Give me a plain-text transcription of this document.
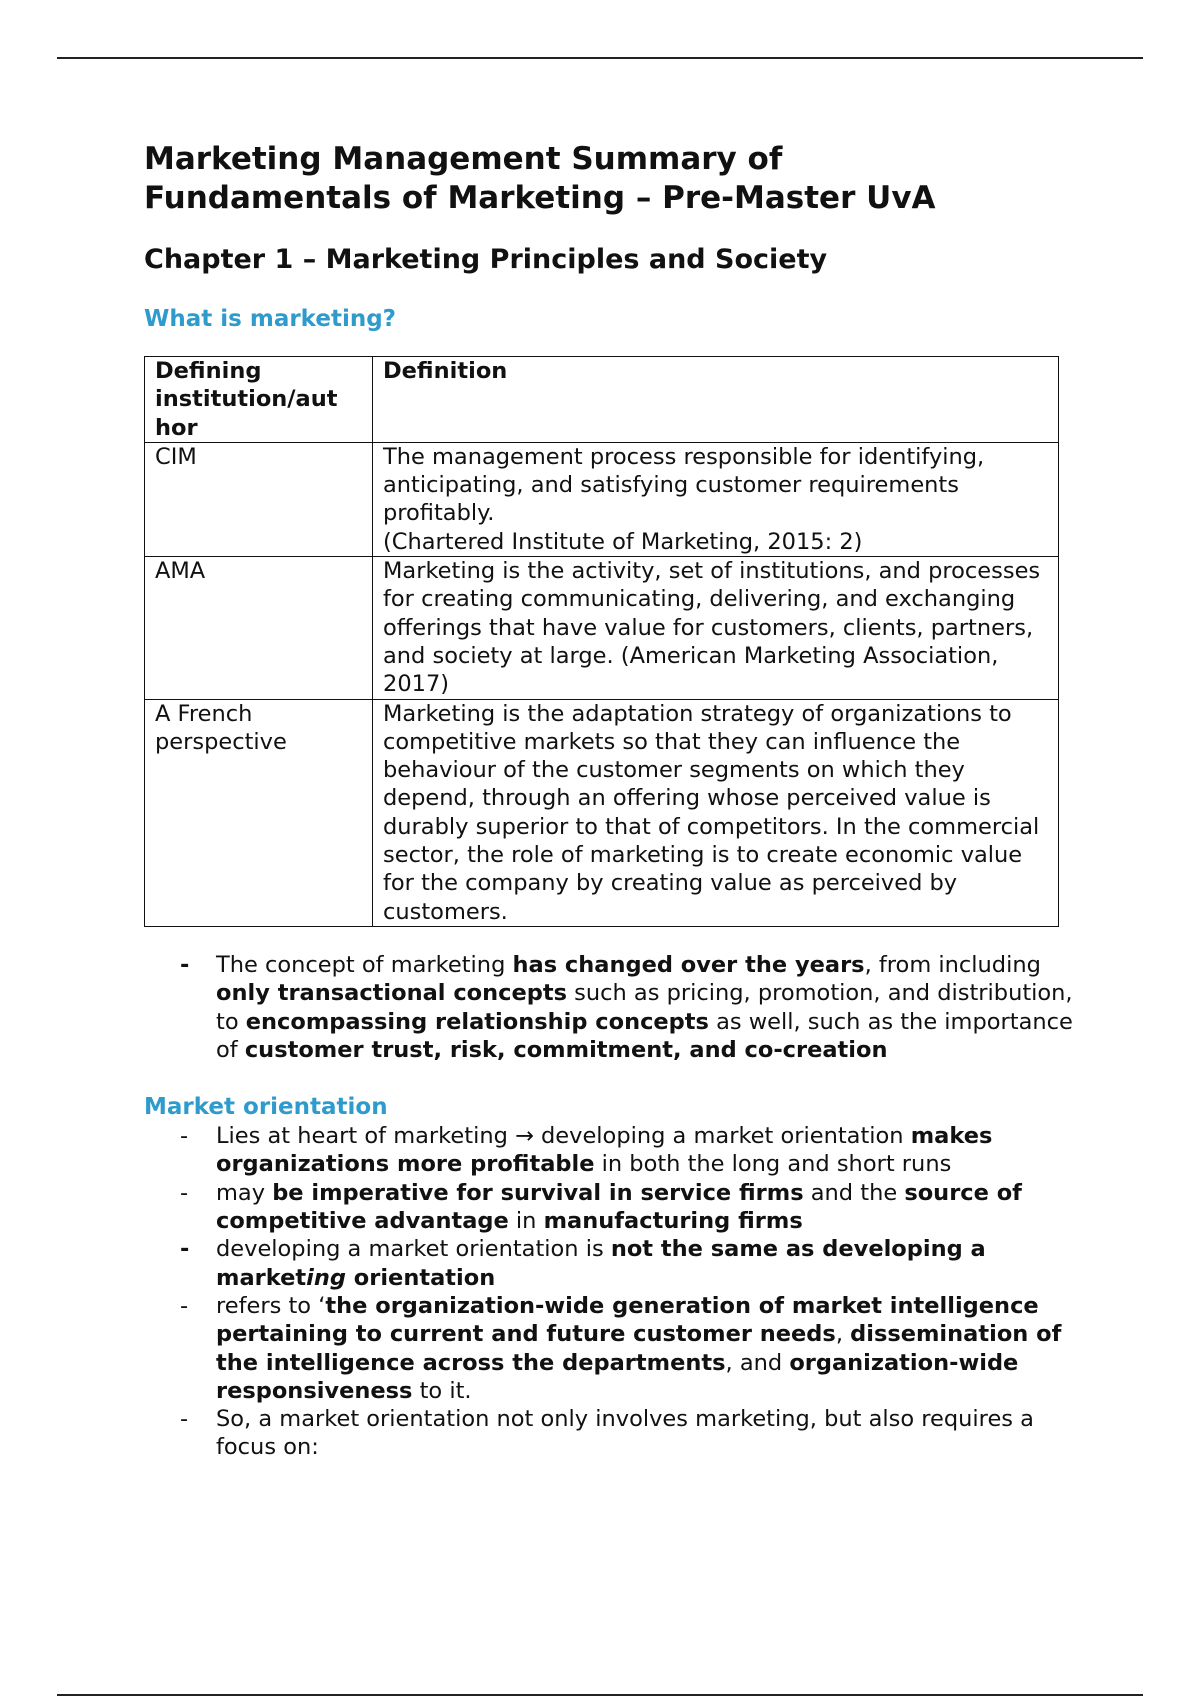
Marketing Management Summary of
Fundamentals of Marketing – Pre-Master UvA
Chapter 1 – Marketing Principles and Society
What is marketing?
Defining institution/aut hor	Definition
CIM	The management process responsible for identifying, anticipating, and satisfying customer requirements profitably.
(Chartered Institute of Marketing, 2015: 2)

AMA	Marketing is the activity, set of institutions, and processes for creating communicating, delivering, and exchanging offerings that have value for customers, clients, partners, and society at large. (American Marketing Association, 2017)
A French perspective	Marketing is the adaptation strategy of organizations to competitive markets so that they can influence the behaviour of the customer segments on which they depend, through an offering whose perceived value is durably superior to that of competitors. In the commercial sector, the role of marketing is to create economic value for the company by creating value as perceived by customers.
- The concept of marketing has changed over the years, from including only transactional concepts such as pricing, promotion, and distribution, to encompassing relationship concepts as well, such as the importance of customer trust, risk, commitment, and co-creation
Market orientation
- Lies at heart of marketing → developing a market orientation makes organizations more profitable in both the long and short runs
- may be imperative for survival in service firms and the source of competitive advantage in manufacturing firms
- developing a market orientation is not the same as developing a marketing orientation
- refers to ‘the organization-wide generation of market intelligence pertaining to current and future customer needs, dissemination of the intelligence across the departments, and organization-wide responsiveness to it.
- So, a market orientation not only involves marketing, but also requires a focus on:
